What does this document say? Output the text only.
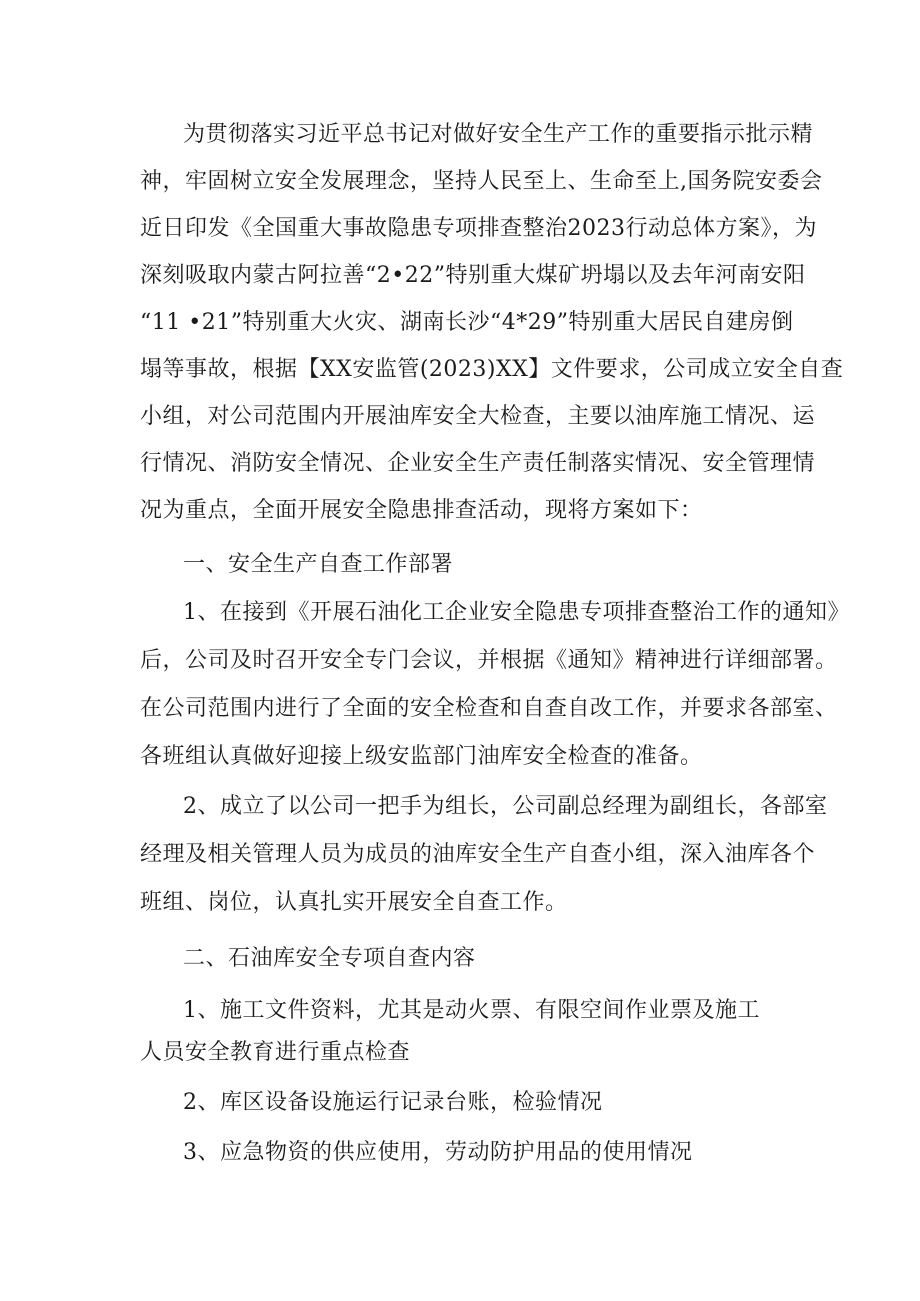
为贯彻落实习近平总书记对做好安全生产工作的重要指示批示精
神，牢固树立安全发展理念，坚持人民至上、生命至上,国务院安委会
近日印发《全国重大事故隐患专项排查整治2023行动总体方案》，为
深刻吸取内蒙古阿拉善“2•22”特别重大煤矿坍塌以及去年河南安阳
“11 •21”特别重大火灾、湖南长沙“4*29”特别重大居民自建房倒
塌等事故，根据【XX安监管(2023)XX】文件要求，公司成立安全自查
小组，对公司范围内开展油库安全大检查，主要以油库施工情况、运
行情况、消防安全情况、企业安全生产责任制落实情况、安全管理情
况为重点，全面开展安全隐患排查活动，现将方案如下：
一、安全生产自查工作部署
1、在接到《开展石油化工企业安全隐患专项排查整治工作的通知》
后，公司及时召开安全专门会议，并根据《通知》精神进行详细部署。
在公司范围内进行了全面的安全检查和自查自改工作，并要求各部室、
各班组认真做好迎接上级安监部门油库安全检查的准备。
2、成立了以公司一把手为组长，公司副总经理为副组长，各部室
经理及相关管理人员为成员的油库安全生产自查小组，深入油库各个
班组、岗位，认真扎实开展安全自查工作。
二、石油库安全专项自查内容
1、施工文件资料，尤其是动火票、有限空间作业票及施工
人员安全教育进行重点检查
2、库区设备设施运行记录台账，检验情况
3、应急物资的供应使用，劳动防护用品的使用情况
